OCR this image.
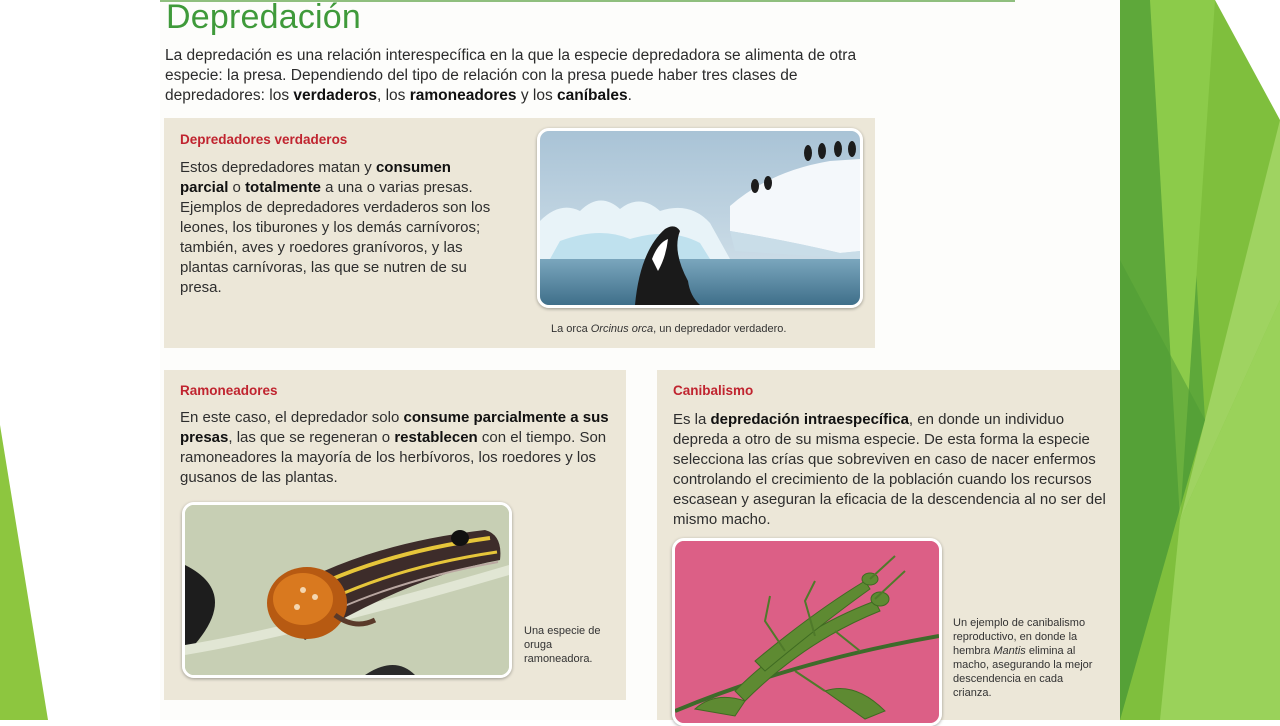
Depredación
La depredación es una relación interespecífica en la que la especie depredadora se alimenta de otra especie: la presa. Dependiendo del tipo de relación con la presa puede haber tres clases de depredadores: los verdaderos, los ramoneadores y los caníbales.
Depredadores verdaderos

Estos depredadores matan y consumen parcial o totalmente a una o varias presas. Ejemplos de depredadores verdaderos son los leones, los tiburones y los demás carnívoros; también, aves y roedores granívoros, y las plantas carnívoras, las que se nutren de su presa.

La orca Orcinus orca, un depredador verdadero.
Ramoneadores

En este caso, el depredador solo consume parcialmente a sus presas, las que se regeneran o restablecen con el tiempo. Son ramoneadores la mayoría de los herbívoros, los roedores y los gusanos de las plantas.

Una especie de oruga ramoneadora.
Canibalismo

Es la depredación intraespecífica, en donde un individuo depreda a otro de su misma especie. De esta forma la especie selecciona las crías que sobreviven en caso de nacer enfermos controlando el crecimiento de la población cuando los recursos escasean y aseguran la eficacia de la descendencia al no ser del mismo macho.

Un ejemplo de canibalismo reproductivo, en donde la hembra Mantis elimina al macho, asegurando la mejor descendencia en cada crianza.
